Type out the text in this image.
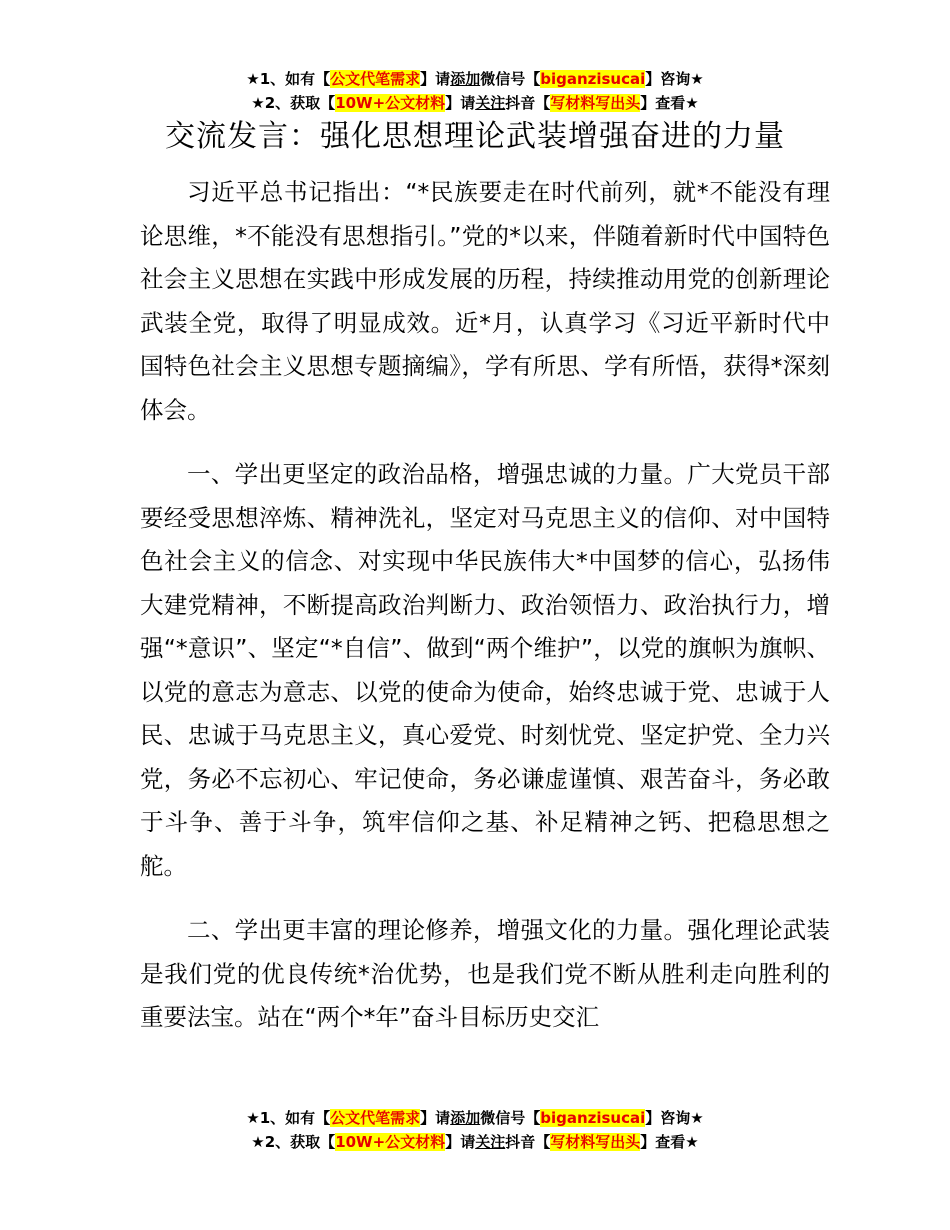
★1、如有【公文代笔需求】请添加微信号【biganzisucai】咨询★
★2、获取【10W+公文材料】请关注抖音【写材料写出头】查看★
交流发言：强化思想理论武装增强奋进的力量

习近平总书记指出：“*民族要走在时代前列，就*不能没有理论思维，*不能没有思想指引。”党的*以来，伴随着新时代中国特色社会主义思想在实践中形成发展的历程，持续推动用党的创新理论武装全党，取得了明显成效。近*月，认真学习《习近平新时代中国特色社会主义思想专题摘编》，学有所思、学有所悟，获得*深刻体会。

一、学出更坚定的政治品格，增强忠诚的力量。广大党员干部要经受思想淬炼、精神洗礼，坚定对马克思主义的信仰、对中国特色社会主义的信念、对实现中华民族伟大*中国梦的信心，弘扬伟大建党精神，不断提高政治判断力、政治领悟力、政治执行力，增强“*意识”、坚定“*自信”、做到“两个维护”，以党的旗帜为旗帜、以党的意志为意志、以党的使命为使命，始终忠诚于党、忠诚于人民、忠诚于马克思主义，真心爱党、时刻忧党、坚定护党、全力兴党，务必不忘初心、牢记使命，务必谦虚谨慎、艰苦奋斗，务必敢于斗争、善于斗争，筑牢信仰之基、补足精神之钙、把稳思想之舵。

二、学出更丰富的理论修养，增强文化的力量。强化理论武装是我们党的优良传统*治优势，也是我们党不断从胜利走向胜利的重要法宝。站在“两个*年”奋斗目标历史交汇

★1、如有【公文代笔需求】请添加微信号【biganzisucai】咨询★
★2、获取【10W+公文材料】请关注抖音【写材料写出头】查看★
